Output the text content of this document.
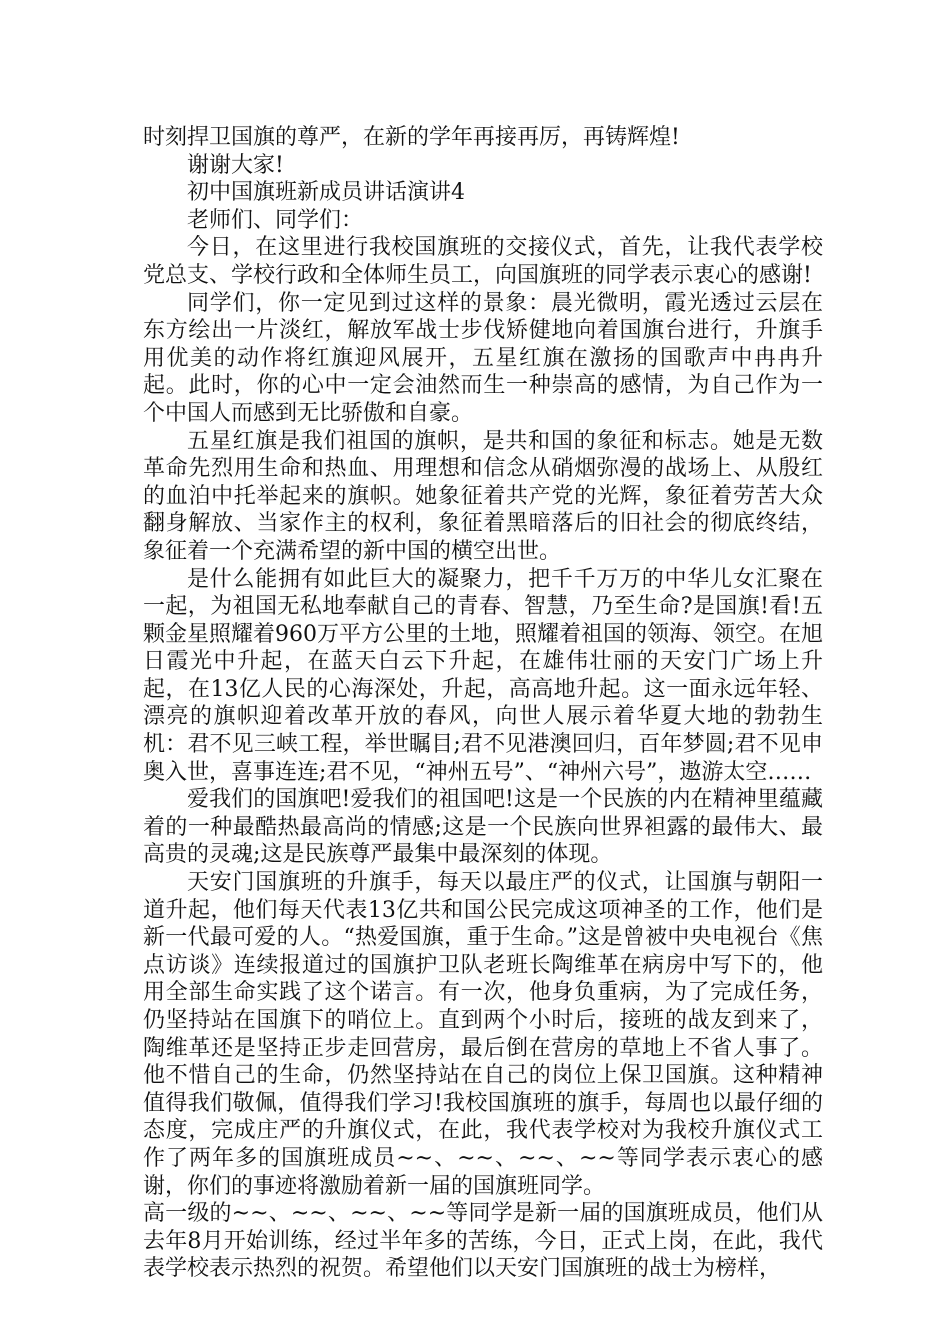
时刻捍卫国旗的尊严，在新的学年再接再厉，再铸辉煌!

谢谢大家!

初中国旗班新成员讲话演讲4

老师们、同学们：

今日，在这里进行我校国旗班的交接仪式，首先，让我代表学校党总支、学校行政和全体师生员工，向国旗班的同学表示衷心的感谢!

同学们，你一定见到过这样的景象：晨光微明，霞光透过云层在东方绘出一片淡红，解放军战士步伐矫健地向着国旗台进行，升旗手用优美的动作将红旗迎风展开，五星红旗在激扬的国歌声中冉冉升起。此时，你的心中一定会油然而生一种崇高的感情，为自己作为一个中国人而感到无比骄傲和自豪。

五星红旗是我们祖国的旗帜，是共和国的象征和标志。她是无数革命先烈用生命和热血、用理想和信念从硝烟弥漫的战场上、从殷红的血泊中托举起来的旗帜。她象征着共产党的光辉，象征着劳苦大众翻身解放、当家作主的权利，象征着黑暗落后的旧社会的彻底终结，象征着一个充满希望的新中国的横空出世。

是什么能拥有如此巨大的凝聚力，把千千万万的中华儿女汇聚在一起，为祖国无私地奉献自己的青春、智慧，乃至生命?是国旗!看!五颗金星照耀着960万平方公里的土地，照耀着祖国的领海、领空。在旭日霞光中升起，在蓝天白云下升起，在雄伟壮丽的天安门广场上升起，在13亿人民的心海深处，升起，高高地升起。这一面永远年轻、漂亮的旗帜迎着改革开放的春风，向世人展示着华夏大地的勃勃生机：君不见三峡工程，举世瞩目;君不见港澳回归，百年梦圆;君不见申奥入世，喜事连连;君不见，“神州五号”、“神州六号”，遨游太空……

爱我们的国旗吧!爱我们的祖国吧!这是一个民族的内在精神里蕴藏着的一种最酷热最高尚的情感;这是一个民族向世界袒露的最伟大、最高贵的灵魂;这是民族尊严最集中最深刻的体现。

天安门国旗班的升旗手，每天以最庄严的仪式，让国旗与朝阳一道升起，他们每天代表13亿共和国公民完成这项神圣的工作，他们是新一代最可爱的人。“热爱国旗，重于生命。”这是曾被中央电视台《焦点访谈》连续报道过的国旗护卫队老班长陶维革在病房中写下的，他用全部生命实践了这个诺言。有一次，他身负重病，为了完成任务，仍坚持站在国旗下的哨位上。直到两个小时后，接班的战友到来了，陶维革还是坚持正步走回营房，最后倒在营房的草地上不省人事了。他不惜自己的生命，仍然坚持站在自己的岗位上保卫国旗。这种精神值得我们敬佩，值得我们学习!我校国旗班的旗手，每周也以最仔细的态度，完成庄严的升旗仪式，在此，我代表学校对为我校升旗仪式工作了两年多的国旗班成员~~、~~、~~、~~等同学表示衷心的感谢，你们的事迹将激励着新一届的国旗班同学。

高一级的~~、~~、~~、~~等同学是新一届的国旗班成员，他们从去年8月开始训练，经过半年多的苦练，今日，正式上岗，在此，我代表学校表示热烈的祝贺。希望他们以天安门国旗班的战士为榜样，
